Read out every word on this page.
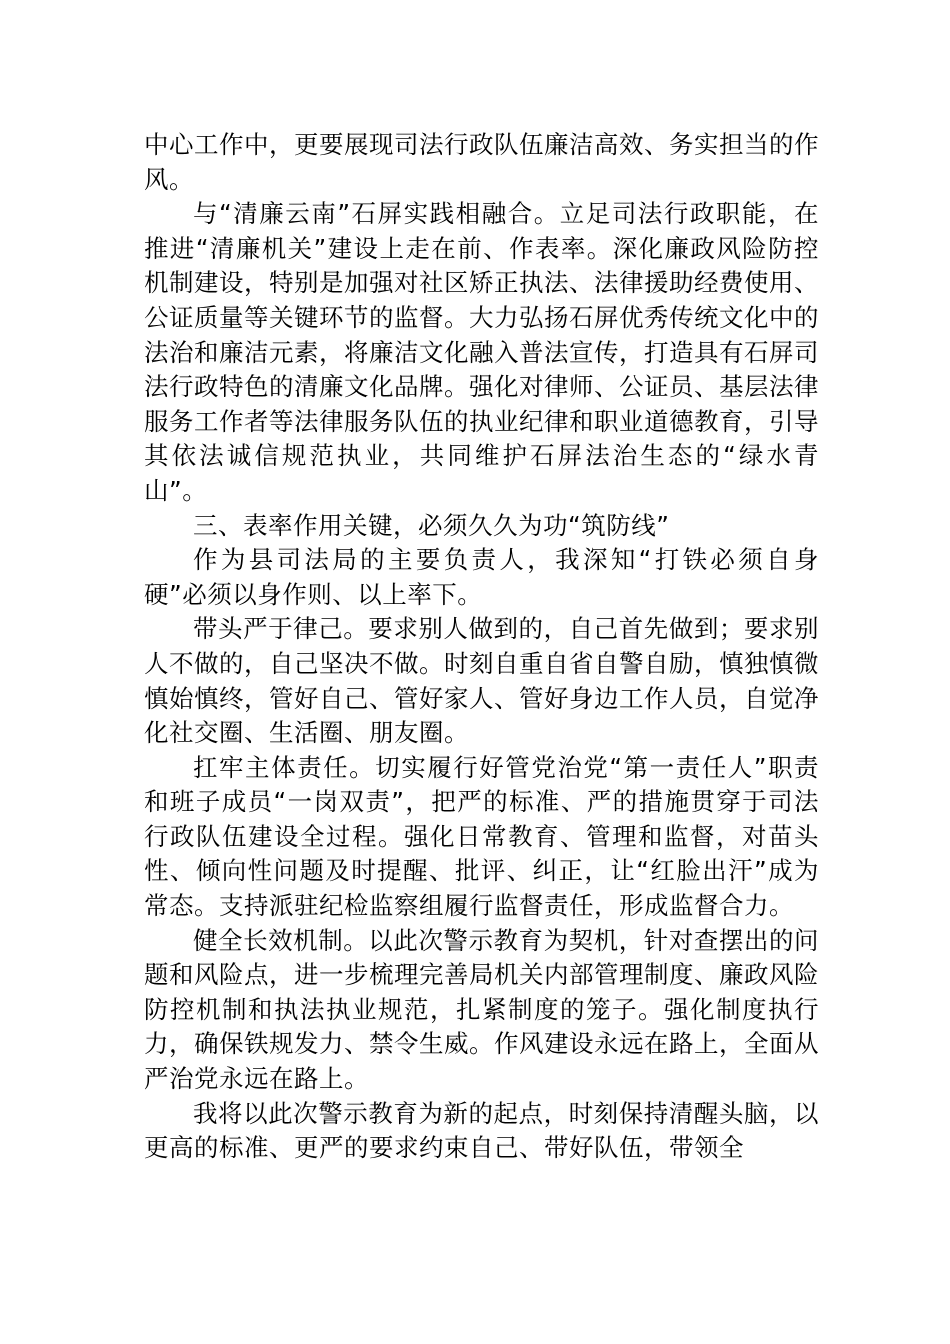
中心工作中，更要展现司法行政队伍廉洁高效、务实担当的作风。

与“清廉云南”石屏实践相融合。立足司法行政职能，在推进“清廉机关”建设上走在前、作表率。深化廉政风险防控机制建设，特别是加强对社区矫正执法、法律援助经费使用、公证质量等关键环节的监督。大力弘扬石屏优秀传统文化中的法治和廉洁元素，将廉洁文化融入普法宣传，打造具有石屏司法行政特色的清廉文化品牌。强化对律师、公证员、基层法律服务工作者等法律服务队伍的执业纪律和职业道德教育，引导其依法诚信规范执业，共同维护石屏法治生态的“绿水青山”。

三、表率作用关键，必须久久为功“筑防线”

作为县司法局的主要负责人，我深知“打铁必须自身硬”必须以身作则、以上率下。

带头严于律己。要求别人做到的，自己首先做到；要求别人不做的，自己坚决不做。时刻自重自省自警自励，慎独慎微慎始慎终，管好自己、管好家人、管好身边工作人员，自觉净化社交圈、生活圈、朋友圈。

扛牢主体责任。切实履行好管党治党“第一责任人”职责和班子成员“一岗双责”，把严的标准、严的措施贯穿于司法行政队伍建设全过程。强化日常教育、管理和监督，对苗头性、倾向性问题及时提醒、批评、纠正，让“红脸出汗”成为常态。支持派驻纪检监察组履行监督责任，形成监督合力。

健全长效机制。以此次警示教育为契机，针对查摆出的问题和风险点，进一步梳理完善局机关内部管理制度、廉政风险防控机制和执法执业规范，扎紧制度的笼子。强化制度执行力，确保铁规发力、禁令生威。作风建设永远在路上，全面从严治党永远在路上。

我将以此次警示教育为新的起点，时刻保持清醒头脑，以更高的标准、更严的要求约束自己、带好队伍，带领全
